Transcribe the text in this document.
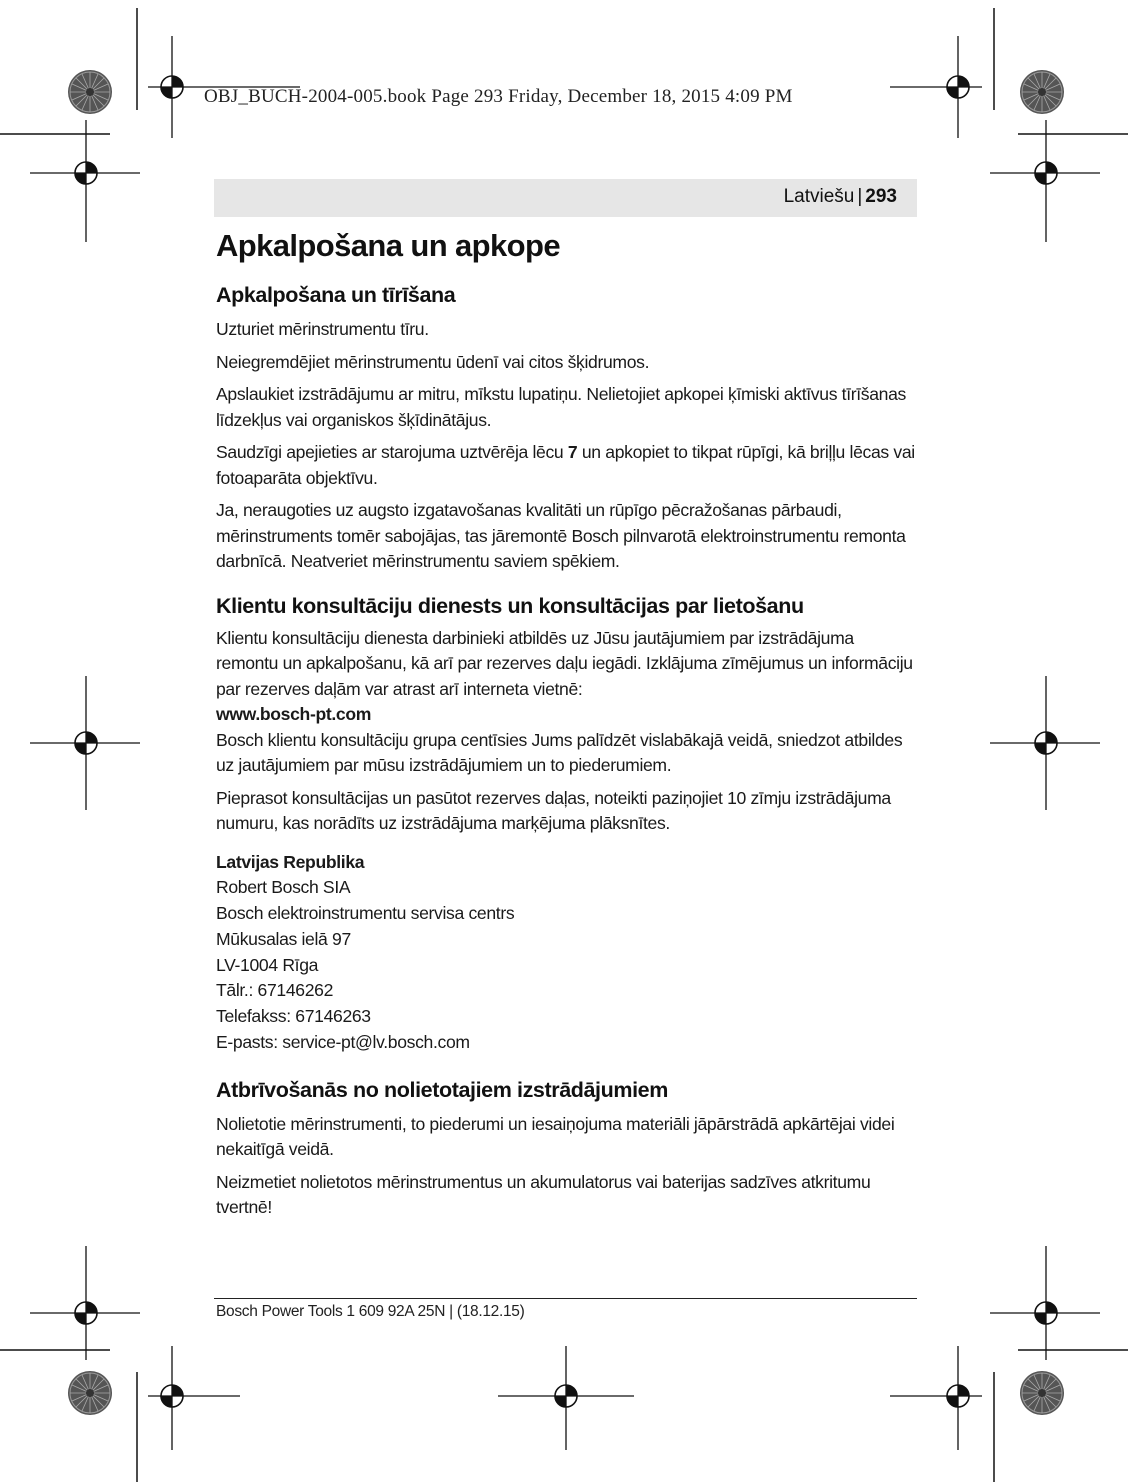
OBJ_BUCH-2004-005.book Page 293 Friday, December 18, 2015 4:09 PM
Latviešu | 293
Apkalpošana un apkope
Apkalpošana un tīrīšana

Uzturiet mērinstrumentu tīru.

Neiegremdējiet mērinstrumentu ūdenī vai citos šķidrumos.

Apslaukiet izstrādājumu ar mitru, mīkstu lupatiņu. Nelietojiet apkopei ķīmiski aktīvus tīrīšanas līdzekļus vai organiskos šķīdinātājus.

Saudzīgi apejieties ar starojuma uztvērēja lēcu 7 un apkopiet to tikpat rūpīgi, kā briļļu lēcas vai fotoaparāta objektīvu.

Ja, neraugoties uz augsto izgatavošanas kvalitāti un rūpīgo pēcražošanas pārbaudi, mērinstruments tomēr sabojājas, tas jāremontē Bosch pilnvarotā elektroinstrumentu remonta darbnīcā. Neatveriet mērinstrumentu saviem spēkiem.

Klientu konsultāciju dienests un konsultācijas par lietošanu

Klientu konsultāciju dienesta darbinieki atbildēs uz Jūsu jautājumiem par izstrādājuma remontu un apkalpošanu, kā arī par rezerves daļu iegādi. Izklājuma zīmējumus un informāciju par rezerves daļām var atrast arī interneta vietnē:

www.bosch-pt.com

Bosch klientu konsultāciju grupa centīsies Jums palīdzēt vislabākajā veidā, sniedzot atbildes uz jautājumiem par mūsu izstrādājumiem un to piederumiem.

Pieprasot konsultācijas un pasūtot rezerves daļas, noteikti paziņojiet 10 zīmju izstrādājuma numuru, kas norādīts uz izstrādājuma marķējuma plāksnītes.

Latvijas Republika

Robert Bosch SIA

Bosch elektroinstrumentu servisa centrs

Mūkusalas ielā 97

LV-1004 Rīga

Tālr.: 67146262

Telefakss: 67146263

E-pasts: service-pt@lv.bosch.com

Atbrīvošanās no nolietotajiem izstrādājumiem

Nolietotie mērinstrumenti, to piederumi un iesaiņojuma materiāli jāpārstrādā apkārtējai videi nekaitīgā veidā.

Neizmetiet nolietotos mērinstrumentus un akumulatorus vai baterijas sadzīves atkritumu tvertnē!

Bosch Power Tools 1 609 92A 25N | (18.12.15)
